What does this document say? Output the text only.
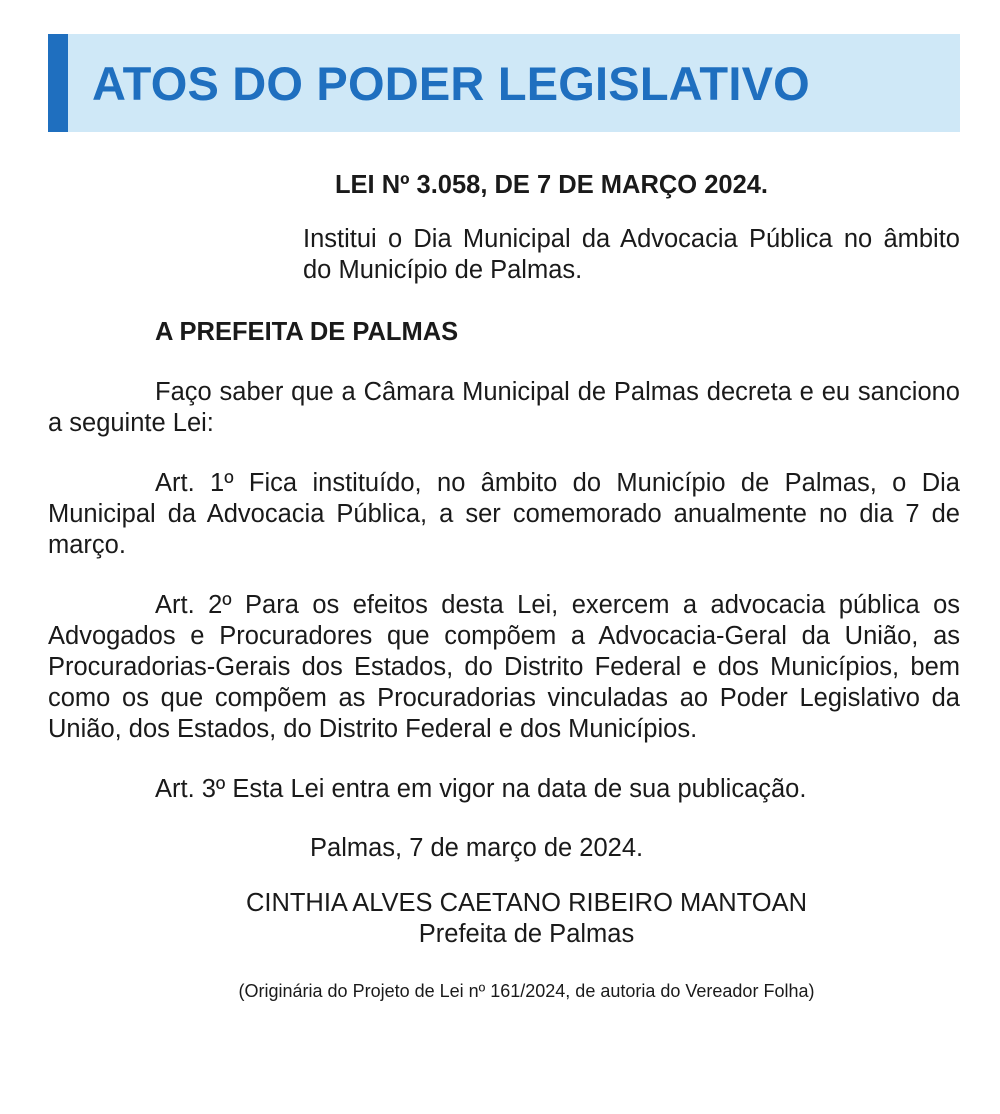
ATOS DO PODER LEGISLATIVO
LEI Nº 3.058, DE 7 DE MARÇO 2024.
Institui o Dia Municipal da Advocacia Pública no âmbito do Município de Palmas.
A PREFEITA DE PALMAS
Faço saber que a Câmara Municipal de Palmas decreta e eu sanciono a seguinte Lei:
Art. 1º Fica instituído, no âmbito do Município de Palmas, o Dia Municipal da Advocacia Pública, a ser comemorado anualmente no dia 7 de março.
Art. 2º Para os efeitos desta Lei, exercem a advocacia pública os Advogados e Procuradores que compõem a Advocacia-Geral da União, as Procuradorias-Gerais dos Estados, do Distrito Federal e dos Municípios, bem como os que compõem as Procuradorias vinculadas ao Poder Legislativo da União, dos Estados, do Distrito Federal e dos Municípios.
Art. 3º Esta Lei entra em vigor na data de sua publicação.
Palmas, 7 de março de 2024.
CINTHIA ALVES CAETANO RIBEIRO MANTOAN
Prefeita de Palmas
(Originária do Projeto de Lei nº 161/2024, de autoria do Vereador Folha)
